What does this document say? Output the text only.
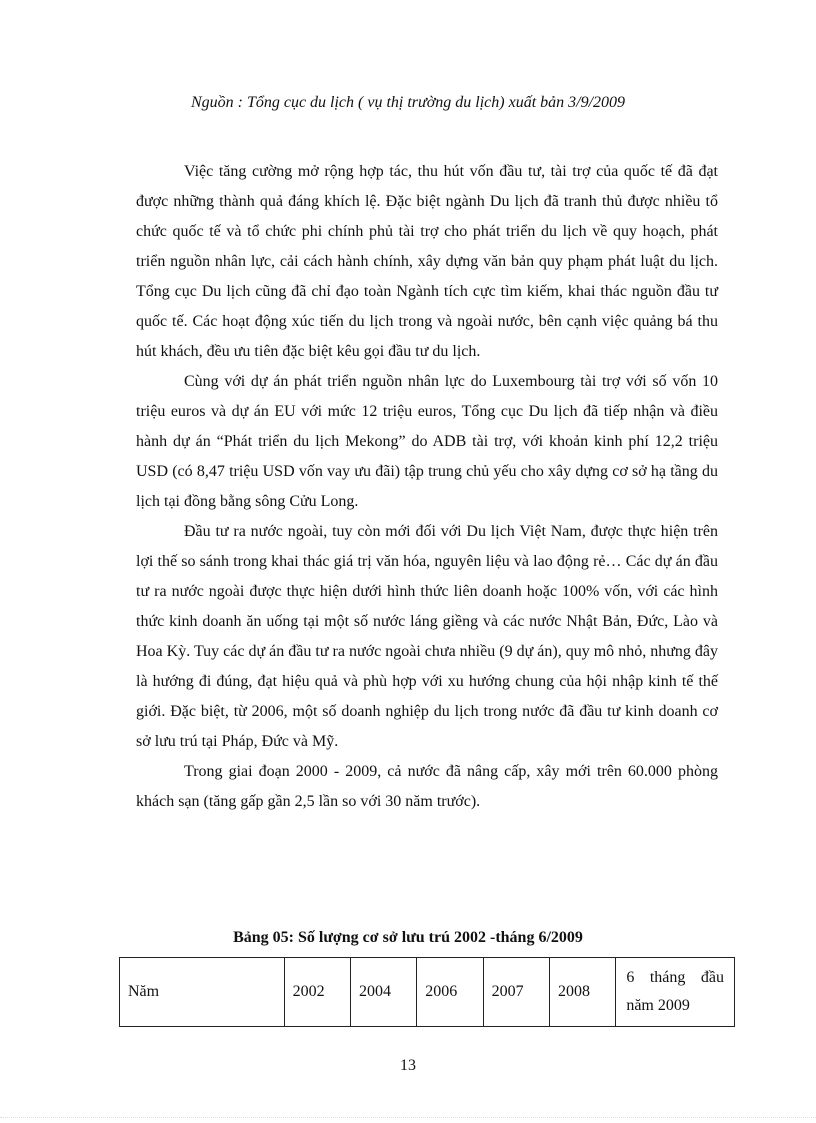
Nguồn : Tổng cục du lịch ( vụ thị trường du lịch) xuất bản 3/9/2009

Việc tăng cường mở rộng hợp tác, thu hút vốn đầu tư, tài trợ của quốc tế đã đạt được những thành quả đáng khích lệ. Đặc biệt ngành Du lịch đã tranh thủ được nhiều tổ chức quốc tế và tổ chức phi chính phủ tài trợ cho phát triển du lịch về quy hoạch, phát triển nguồn nhân lực, cải cách hành chính, xây dựng văn bản quy phạm phát luật du lịch. Tổng cục Du lịch cũng đã chỉ đạo toàn Ngành tích cực tìm kiếm, khai thác nguồn đầu tư quốc tế. Các hoạt động xúc tiến du lịch trong và ngoài nước, bên cạnh việc quảng bá thu hút khách, đều ưu tiên đặc biệt kêu gọi đầu tư du lịch.

Cùng với dự án phát triển nguồn nhân lực do Luxembourg tài trợ với số vốn 10 triệu euros và dự án EU với mức 12 triệu euros, Tổng cục Du lịch đã tiếp nhận và điều hành dự án “Phát triển du lịch Mekong” do ADB tài trợ, với khoản kinh phí 12,2 triệu USD (có 8,47 triệu USD vốn vay ưu đãi) tập trung chủ yếu cho xây dựng cơ sở hạ tầng du lịch tại đồng bằng sông Cửu Long.

Đầu tư ra nước ngoài, tuy còn mới đối với Du lịch Việt Nam, được thực hiện trên lợi thế so sánh trong khai thác giá trị văn hóa, nguyên liệu và lao động rẻ… Các dự án đầu tư ra nước ngoài được thực hiện dưới hình thức liên doanh hoặc 100% vốn, với các hình thức kinh doanh ăn uống tại một số nước láng giềng và các nước Nhật Bản, Đức, Lào và Hoa Kỳ. Tuy các dự án đầu tư ra nước ngoài chưa nhiều (9 dự án), quy mô nhỏ, nhưng đây là hướng đi đúng, đạt hiệu quả và phù hợp với xu hướng chung của hội nhập kinh tế thế giới. Đặc biệt, từ 2006, một số doanh nghiệp du lịch trong nước đã đầu tư kinh doanh cơ sở lưu trú tại Pháp, Đức và Mỹ.

Trong giai đoạn 2000 - 2009, cả nước đã nâng cấp, xây mới trên 60.000 phòng khách sạn (tăng gấp gần 2,5 lần so với 30 năm trước).

Bảng 05: Số lượng cơ sở lưu trú 2002 -tháng 6/2009
Năm	2002	2004	2006	2007	2008	6 tháng đầu năm 2009
13
